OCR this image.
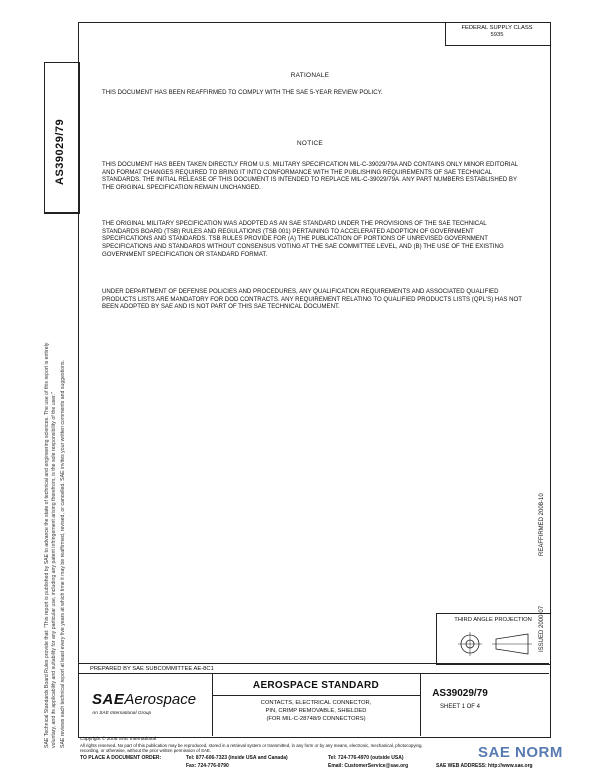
FEDERAL SUPPLY CLASS
5935
AS39029/79
SAE Technical Standards Board Rules provide that: "This report is published by SAE to advance the state of technical and engineering sciences. The use of this report is entirely voluntary, and its applicability and suitability for any particular use, including any patent infringement arising therefrom, is the sole responsibility of the user." SAE reviews each technical report at least every five years at which time it may be reaffirmed, revised, or cancelled. SAE invites your written comments and suggestions.
RATIONALE
THIS DOCUMENT HAS BEEN REAFFIRMED TO COMPLY WITH THE SAE 5-YEAR REVIEW POLICY.
NOTICE
THIS DOCUMENT HAS BEEN TAKEN DIRECTLY FROM U.S. MILITARY SPECIFICATION MIL-C-39029/79A AND CONTAINS ONLY MINOR EDITORIAL AND FORMAT CHANGES REQUIRED TO BRING IT INTO CONFORMANCE WITH THE PUBLISHING REQUIREMENTS OF SAE TECHNICAL STANDARDS. THE INITIAL RELEASE OF THIS DOCUMENT IS INTENDED TO REPLACE MIL-C-39029/79A. ANY PART NUMBERS ESTABLISHED BY THE ORIGINAL SPECIFICATION REMAIN UNCHANGED.
THE ORIGINAL MILITARY SPECIFICATION WAS ADOPTED AS AN SAE STANDARD UNDER THE PROVISIONS OF THE SAE TECHNICAL STANDARDS BOARD (TSB) RULES AND REGULATIONS (TSB 001) PERTAINING TO ACCELERATED ADOPTION OF GOVERNMENT SPECIFICATIONS AND STANDARDS. TSB RULES PROVIDE FOR (A) THE PUBLICATION OF PORTIONS OF UNREVISED GOVERNMENT SPECIFICATIONS AND STANDARDS WITHOUT CONSENSUS VOTING AT THE SAE COMMITTEE LEVEL, AND (B) THE USE OF THE EXISTING GOVERNMENT SPECIFICATION OR STANDARD FORMAT.
UNDER DEPARTMENT OF DEFENSE POLICIES AND PROCEDURES, ANY QUALIFICATION REQUIREMENTS AND ASSOCIATED QUALIFIED PRODUCTS LISTS ARE MANDATORY FOR DOD CONTRACTS. ANY REQUIREMENT RELATING TO QUALIFIED PRODUCTS LISTS (QPL'S) HAS NOT BEEN ADOPTED BY SAE AND IS NOT PART OF THIS SAE TECHNICAL DOCUMENT.
REAFFIRMED 2008-10
ISSUED 2000-07
THIRD ANGLE PROJECTION
PREPARED BY SAE SUBCOMMITTEE AE-8C1
SAEAerospace
An SAE International Group
AEROSPACE STANDARD
CONTACTS, ELECTRICAL CONNECTOR,
PIN, CRIMP REMOVABLE, SHIELDED
(FOR MIL-C-28748/9 CONNECTORS)
AS39029/79
SHEET 1 OF 4
Copyright © 2008 SAE International
All rights reserved. No part of this publication may be reproduced, stored in a retrieval system or transmitted, in any form or by any means, electronic, mechanical, photocopying,
recording, or otherwise, without the prior written permission of SAE.
TO PLACE A DOCUMENT ORDER:	Tel: 877-606-7323 (inside USA and Canada)
Fax: 724-776-0790
Tel: 724-776-4970 (outside USA)
Email: CustomerService@sae.org	SAE WEB ADDRESS: http://www.sae.org
SAE NORM
